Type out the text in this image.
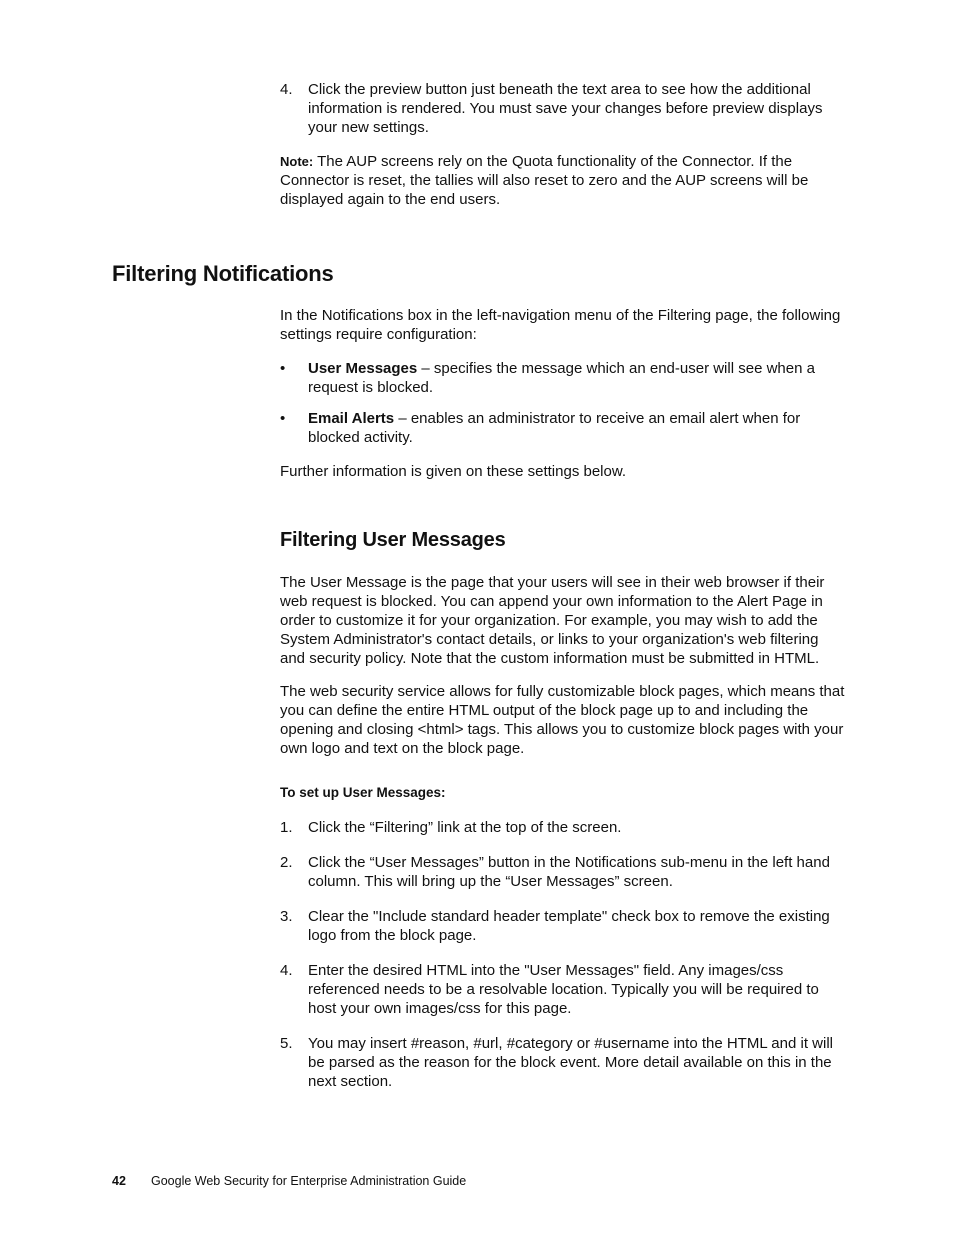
4. Click the preview button just beneath the text area to see how the additional information is rendered. You must save your changes before preview displays your new settings.
Note: The AUP screens rely on the Quota functionality of the Connector. If the Connector is reset, the tallies will also reset to zero and the AUP screens will be displayed again to the end users.
Filtering Notifications
In the Notifications box in the left-navigation menu of the Filtering page, the following settings require configuration:
• User Messages – specifies the message which an end-user will see when a request is blocked.
• Email Alerts – enables an administrator to receive an email alert when for blocked activity.
Further information is given on these settings below.
Filtering User Messages
The User Message is the page that your users will see in their web browser if their web request is blocked. You can append your own information to the Alert Page in order to customize it for your organization. For example, you may wish to add the System Administrator's contact details, or links to your organization's web filtering and security policy. Note that the custom information must be submitted in HTML.
The web security service allows for fully customizable block pages, which means that you can define the entire HTML output of the block page up to and including the opening and closing <html> tags. This allows you to customize block pages with your own logo and text on the block page.
To set up User Messages:
1. Click the “Filtering” link at the top of the screen.
2. Click the “User Messages” button in the Notifications sub-menu in the left hand column. This will bring up the “User Messages” screen.
3. Clear the "Include standard header template" check box to remove the existing logo from the block page.
4. Enter the desired HTML into the "User Messages" field. Any images/css referenced needs to be a resolvable location. Typically you will be required to host your own images/css for this page.
5. You may insert #reason, #url, #category or #username into the HTML and it will be parsed as the reason for the block event. More detail available on this in the next section.
42 Google Web Security for Enterprise Administration Guide
